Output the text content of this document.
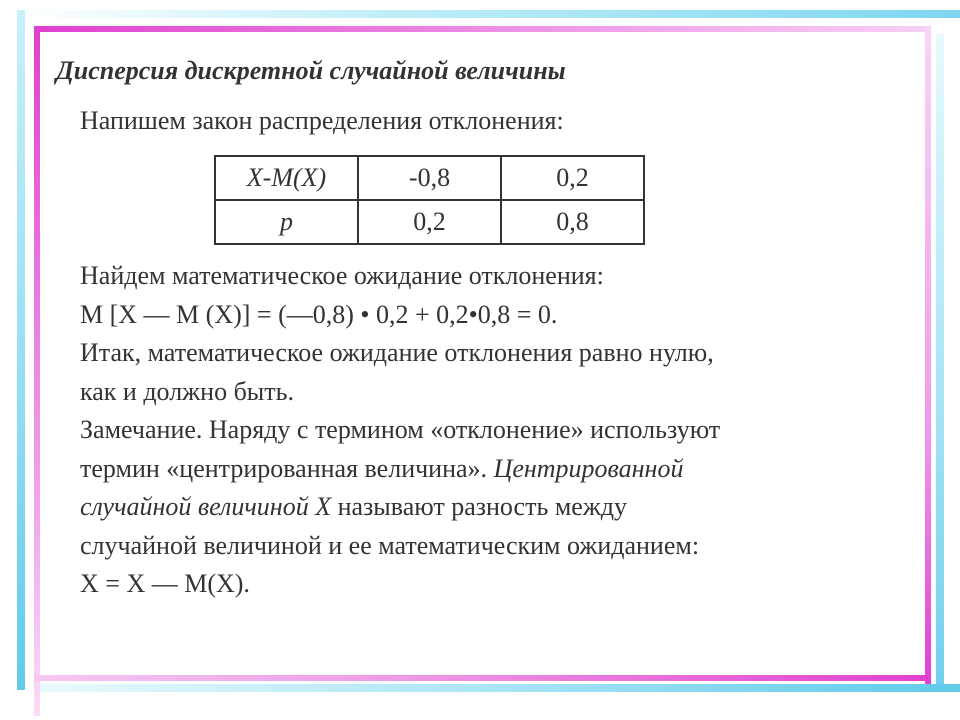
Дисперсия дискретной случайной величины
Напишем закон распределения отклонения:
X-M(X)	-0,8	0,2
p	0,2	0,8

Найдем математическое ожидание отклонения:

M [X — M (X)] = (—0,8) • 0,2 + 0,2•0,8 = 0.

Итак, математическое ожидание отклонения равно нулю,

как и должно быть.

Замечание. Наряду с термином «отклонение» используют

термин «центрированная величина». Центрированной

случайной величиной X называют разность между

случайной величиной и ее математическим ожиданием:

X = X — M(X).
